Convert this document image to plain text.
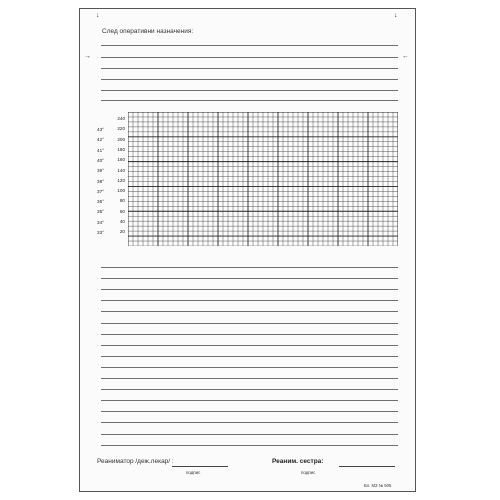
↓	↓
→	←
След оперативни назначения:
43°
42°
41°
40°
39°
38°
37°
36°
35°
34°
33°
240
220
200
180
160
140
120
100
80
60
40
20
Реаниматор /деж.лекар/ :
подпис
Реаним. сестра:
подпис
Бл. МЗ № 505
